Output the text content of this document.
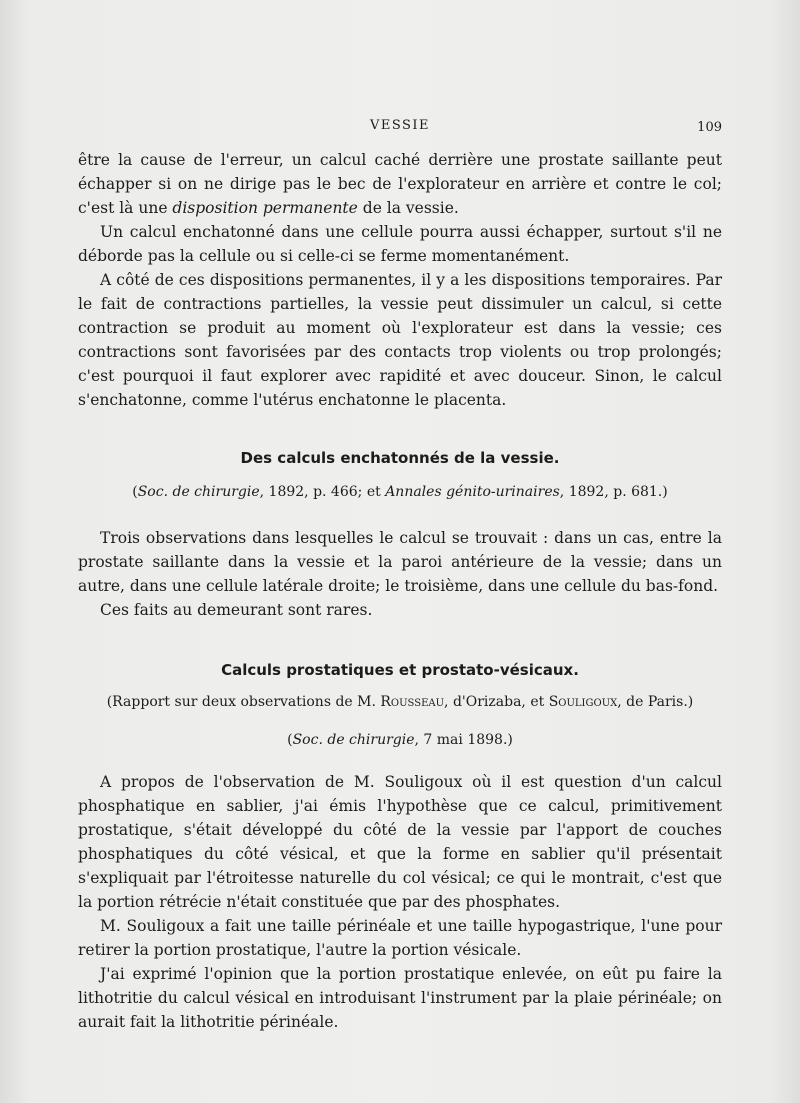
VESSIE	109

être la cause de l'erreur, un calcul caché derrière une prostate saillante peut échapper si on ne dirige pas le bec de l'explorateur en arrière et contre le col; c'est là une disposition permanente de la vessie.

Un calcul enchatonné dans une cellule pourra aussi échapper, surtout s'il ne déborde pas la cellule ou si celle-ci se ferme momentanément.

A côté de ces dispositions permanentes, il y a les dispositions temporaires. Par le fait de contractions partielles, la vessie peut dissimuler un calcul, si cette contraction se produit au moment où l'explorateur est dans la vessie; ces contractions sont favorisées par des contacts trop violents ou trop prolongés; c'est pourquoi il faut explorer avec rapidité et avec douceur. Sinon, le calcul s'enchatonne, comme l'utérus enchatonne le placenta.

Des calculs enchatonnés de la vessie.
(Soc. de chirurgie, 1892, p. 466; et Annales génito-urinaires, 1892, p. 681.)

Trois observations dans lesquelles le calcul se trouvait : dans un cas, entre la prostate saillante dans la vessie et la paroi antérieure de la vessie; dans un autre, dans une cellule latérale droite; le troisième, dans une cellule du bas-fond.

Ces faits au demeurant sont rares.

Calculs prostatiques et prostato-vésicaux.
(Rapport sur deux observations de M. Rousseau, d'Orizaba, et Souligoux, de Paris.)
(Soc. de chirurgie, 7 mai 1898.)

A propos de l'observation de M. Souligoux où il est question d'un calcul phosphatique en sablier, j'ai émis l'hypothèse que ce calcul, primitivement prostatique, s'était développé du côté de la vessie par l'apport de couches phosphatiques du côté vésical, et que la forme en sablier qu'il présentait s'expliquait par l'étroitesse naturelle du col vésical; ce qui le montrait, c'est que la portion rétrécie n'était constituée que par des phosphates.

M. Souligoux a fait une taille périnéale et une taille hypogastrique, l'une pour retirer la portion prostatique, l'autre la portion vésicale.

J'ai exprimé l'opinion que la portion prostatique enlevée, on eût pu faire la lithotritie du calcul vésical en introduisant l'instrument par la plaie périnéale; on aurait fait la lithotritie périnéale.
